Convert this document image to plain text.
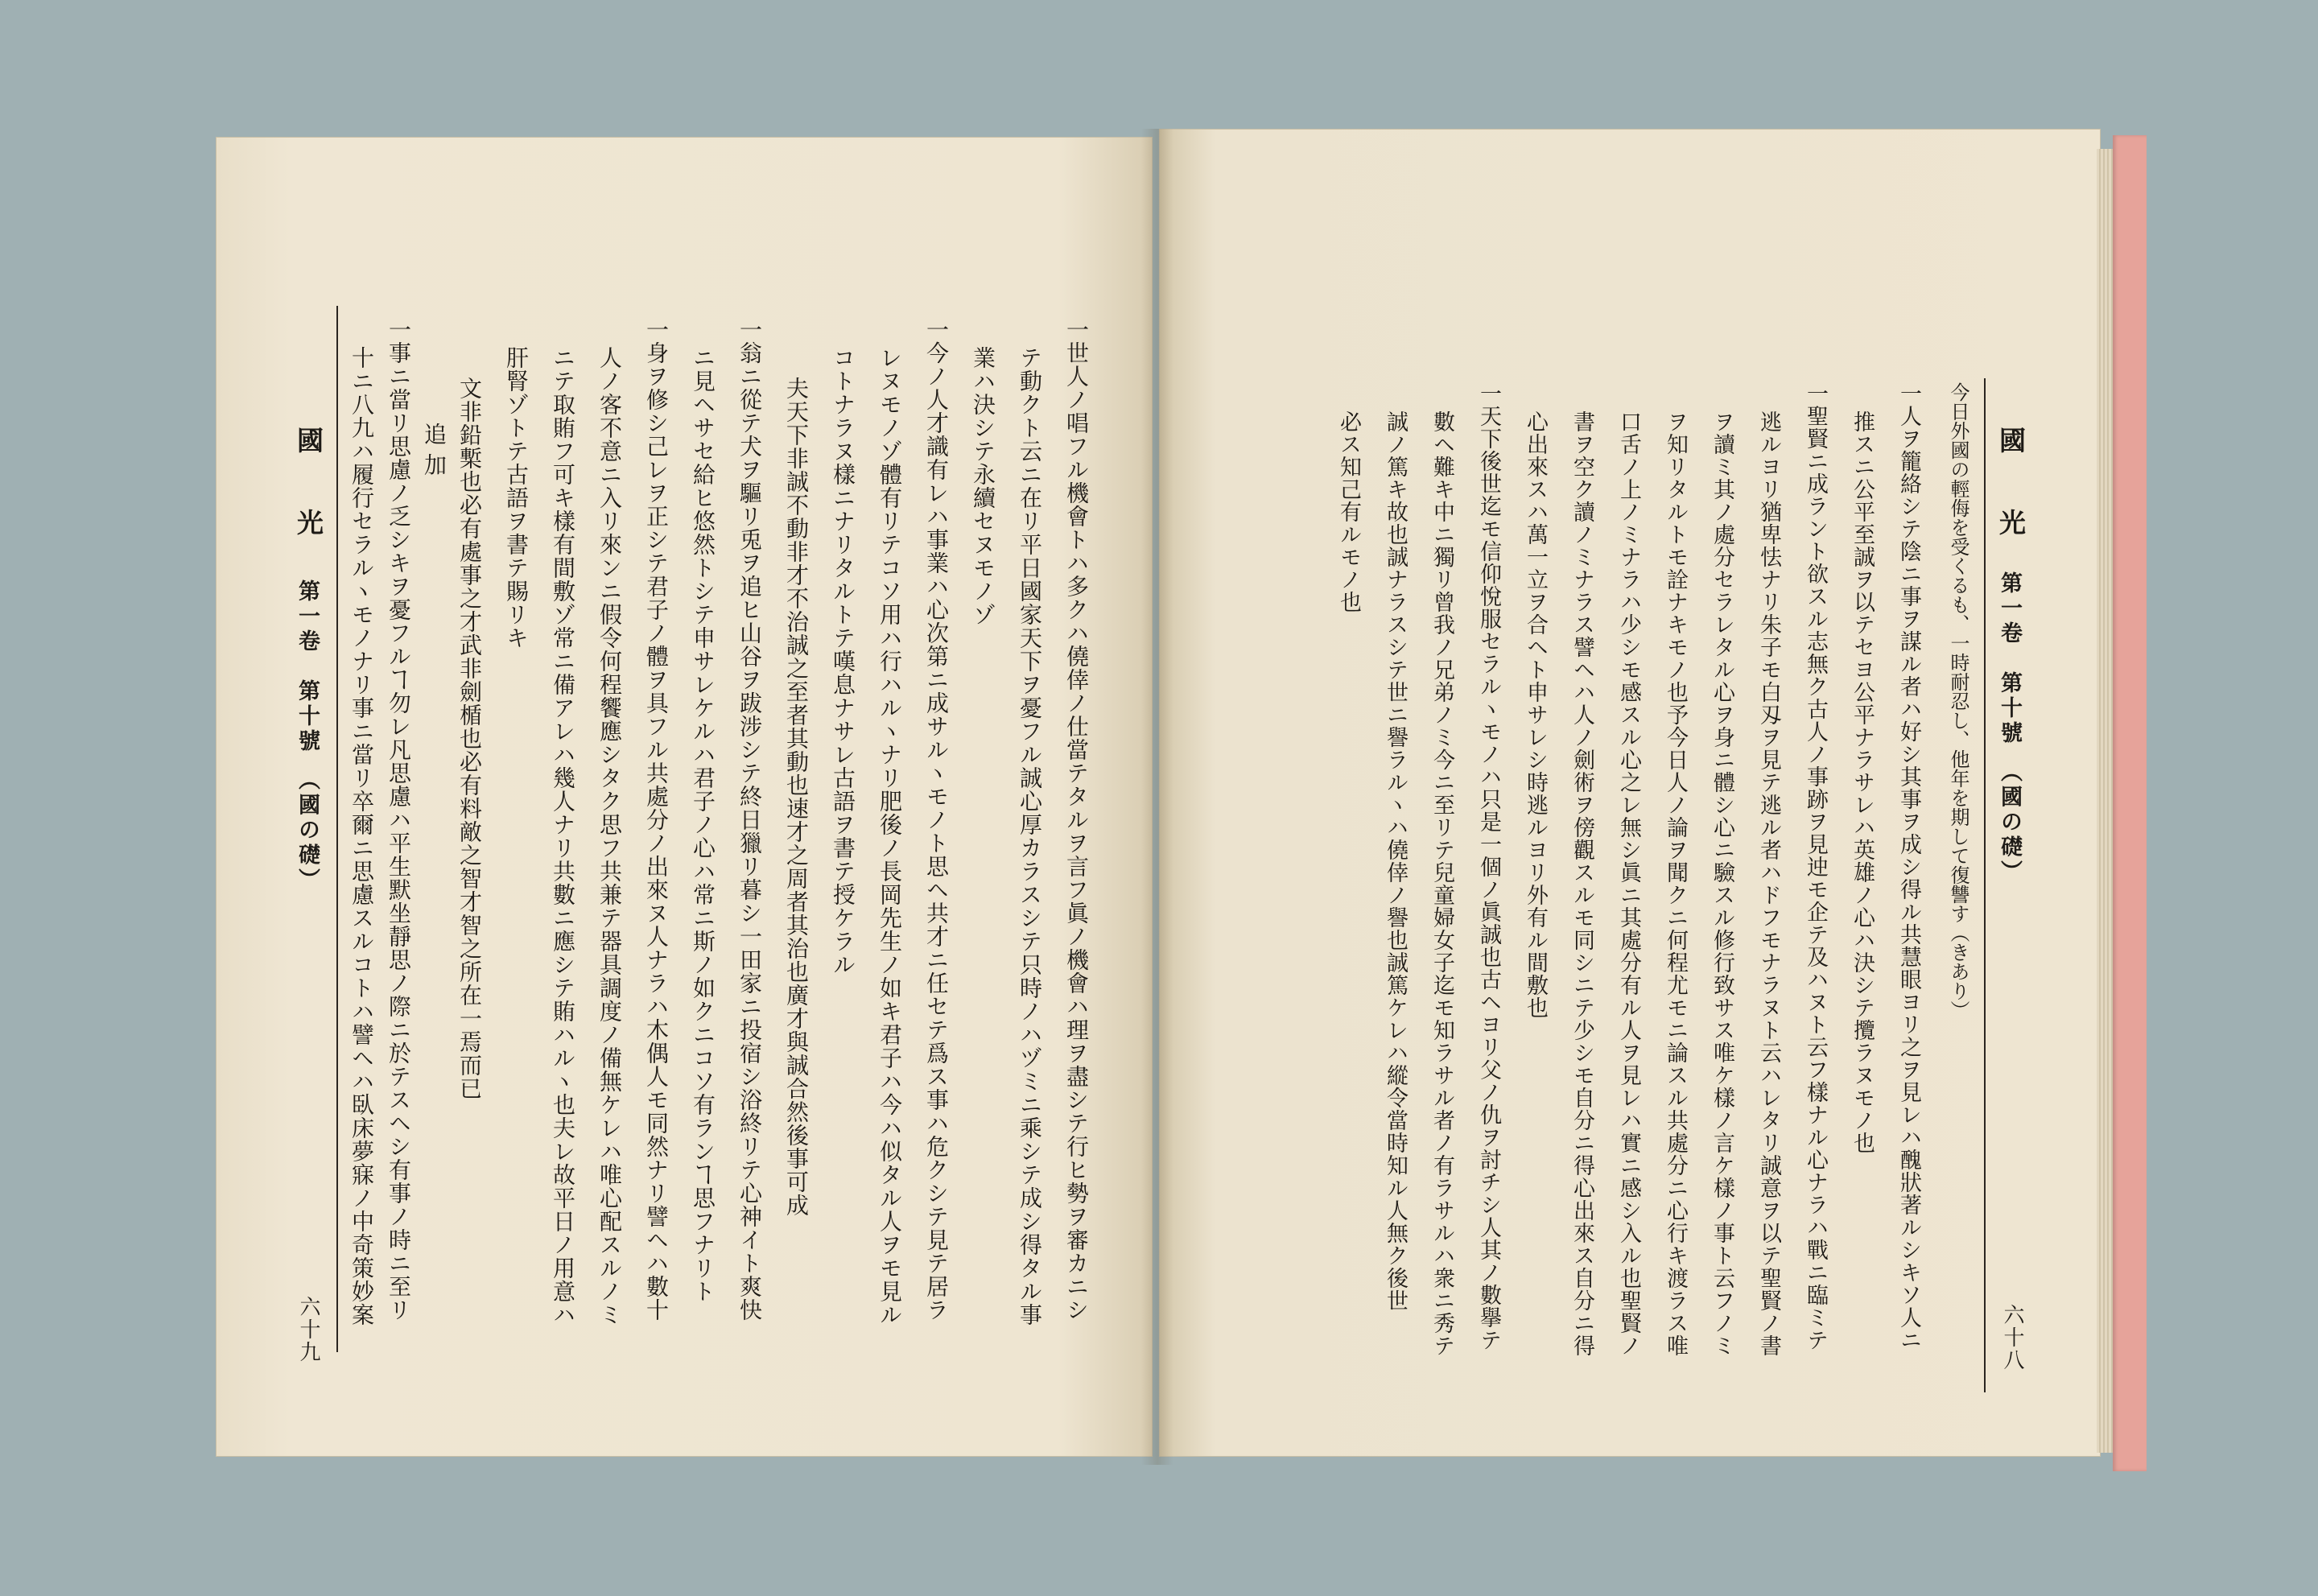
國　光
第一卷　第十號　（國の礎）
六十八
今日外國の輕侮を受くるも、一時耐忍し、他年を期して復讐す（きあり）
一人ヲ籠絡シテ陰ニ事ヲ謀ル者ハ好シ其事ヲ成シ得ル共慧眼ヨリ之ヲ見レハ醜狀著ルシキソ人ニ
推スニ公平至誠ヲ以テセヨ公平ナラサレハ英雄ノ心ハ決シテ攬ラヌモノ也
一聖賢ニ成ラント欲スル志無ク古人ノ事跡ヲ見迚モ企テ及ハヌト云フ樣ナル心ナラハ戰ニ臨ミテ
逃ルヨリ猶卑怯ナリ朱子モ白刄ヲ見テ逃ル者ハドフモナラヌト云ハレタリ誠意ヲ以テ聖賢ノ書
ヲ讀ミ其ノ處分セラレタル心ヲ身ニ體シ心ニ驗スル修行致サス唯ケ樣ノ言ケ樣ノ事ト云フノミ
ヲ知リタルトモ詮ナキモノ也予今日人ノ論ヲ聞クニ何程尤モニ論スル共處分ニ心行キ渡ラス唯
口舌ノ上ノミナラハ少シモ感スル心之レ無シ眞ニ其處分有ル人ヲ見レハ實ニ感シ入ル也聖賢ノ
書ヲ空ク讀ノミナラス譬ヘハ人ノ劍術ヲ傍觀スルモ同シニテ少シモ自分ニ得心出來ス自分ニ得
心出來スハ萬一立ヲ合ヘト申サレシ時逃ルヨリ外有ル間敷也
一天下後世迄モ信仰悅服セラルヽモノハ只是一個ノ眞誠也古ヘヨリ父ノ仇ヲ討チシ人其ノ數擧テ
數ヘ難キ中ニ獨リ曾我ノ兄弟ノミ今ニ至リテ兒童婦女子迄モ知ラサル者ノ有ラサルハ衆ニ秀テ
誠ノ篤キ故也誠ナラスシテ世ニ譽ラルヽハ僥倖ノ譽也誠篤ケレハ縱令當時知ル人無ク後世
必ス知己有ルモノ也
國　光
第一卷　第十號　（國の礎）
六十九
一世人ノ唱フル機會トハ多クハ僥倖ノ仕當テタルヲ言フ眞ノ機會ハ理ヲ盡シテ行ヒ勢ヲ審カニシ
テ動クト云ニ在リ平日國家天下ヲ憂フル誠心厚カラスシテ只時ノハヅミニ乘シテ成シ得タル事
業ハ決シテ永續セヌモノゾ
一今ノ人才識有レハ事業ハ心次第ニ成サルヽモノト思ヘ共才ニ任セテ爲ス事ハ危クシテ見テ居ラ
レヌモノゾ體有リテコソ用ハ行ハルヽナリ肥後ノ長岡先生ノ如キ君子ハ今ハ似タル人ヲモ見ル
コトナラヌ樣ニナリタルトテ嘆息ナサレ古語ヲ書テ授ケラル
夫天下非誠不動非才不治誠之至者其動也速才之周者其治也廣才與誠合然後事可成
一翁ニ從テ犬ヲ驅リ兎ヲ追ヒ山谷ヲ跋涉シテ終日獵リ暮シ一田家ニ投宿シ浴終リテ心神イト爽快
ニ見ヘサセ給ヒ悠然トシテ申サレケルハ君子ノ心ハ常ニ斯ノ如クニコソ有ランヿ思フナリト
一身ヲ修シ己レヲ正シテ君子ノ體ヲ具フル共處分ノ出來ヌ人ナラハ木偶人モ同然ナリ譬ヘハ數十
人ノ客不意ニ入リ來ンニ假令何程饗應シタク思フ共兼テ器具調度ノ備無ケレハ唯心配スルノミ
ニテ取賄フ可キ樣有間敷ゾ常ニ備アレハ幾人ナリ共數ニ應シテ賄ハルヽ也夫レ故平日ノ用意ハ
肝腎ゾトテ古語ヲ書テ賜リキ
文非鉛槧也必有處事之才武非劍楯也必有料敵之智才智之所在一焉而已
追加
一事ニ當リ思慮ノ乏シキヲ憂フルヿ勿レ凡思慮ハ平生默坐靜思ノ際ニ於テスヘシ有事ノ時ニ至リ
十ニ八九ハ履行セラルヽモノナリ事ニ當リ卒爾ニ思慮スルコトハ譬ヘハ臥床夢寐ノ中奇策妙案
